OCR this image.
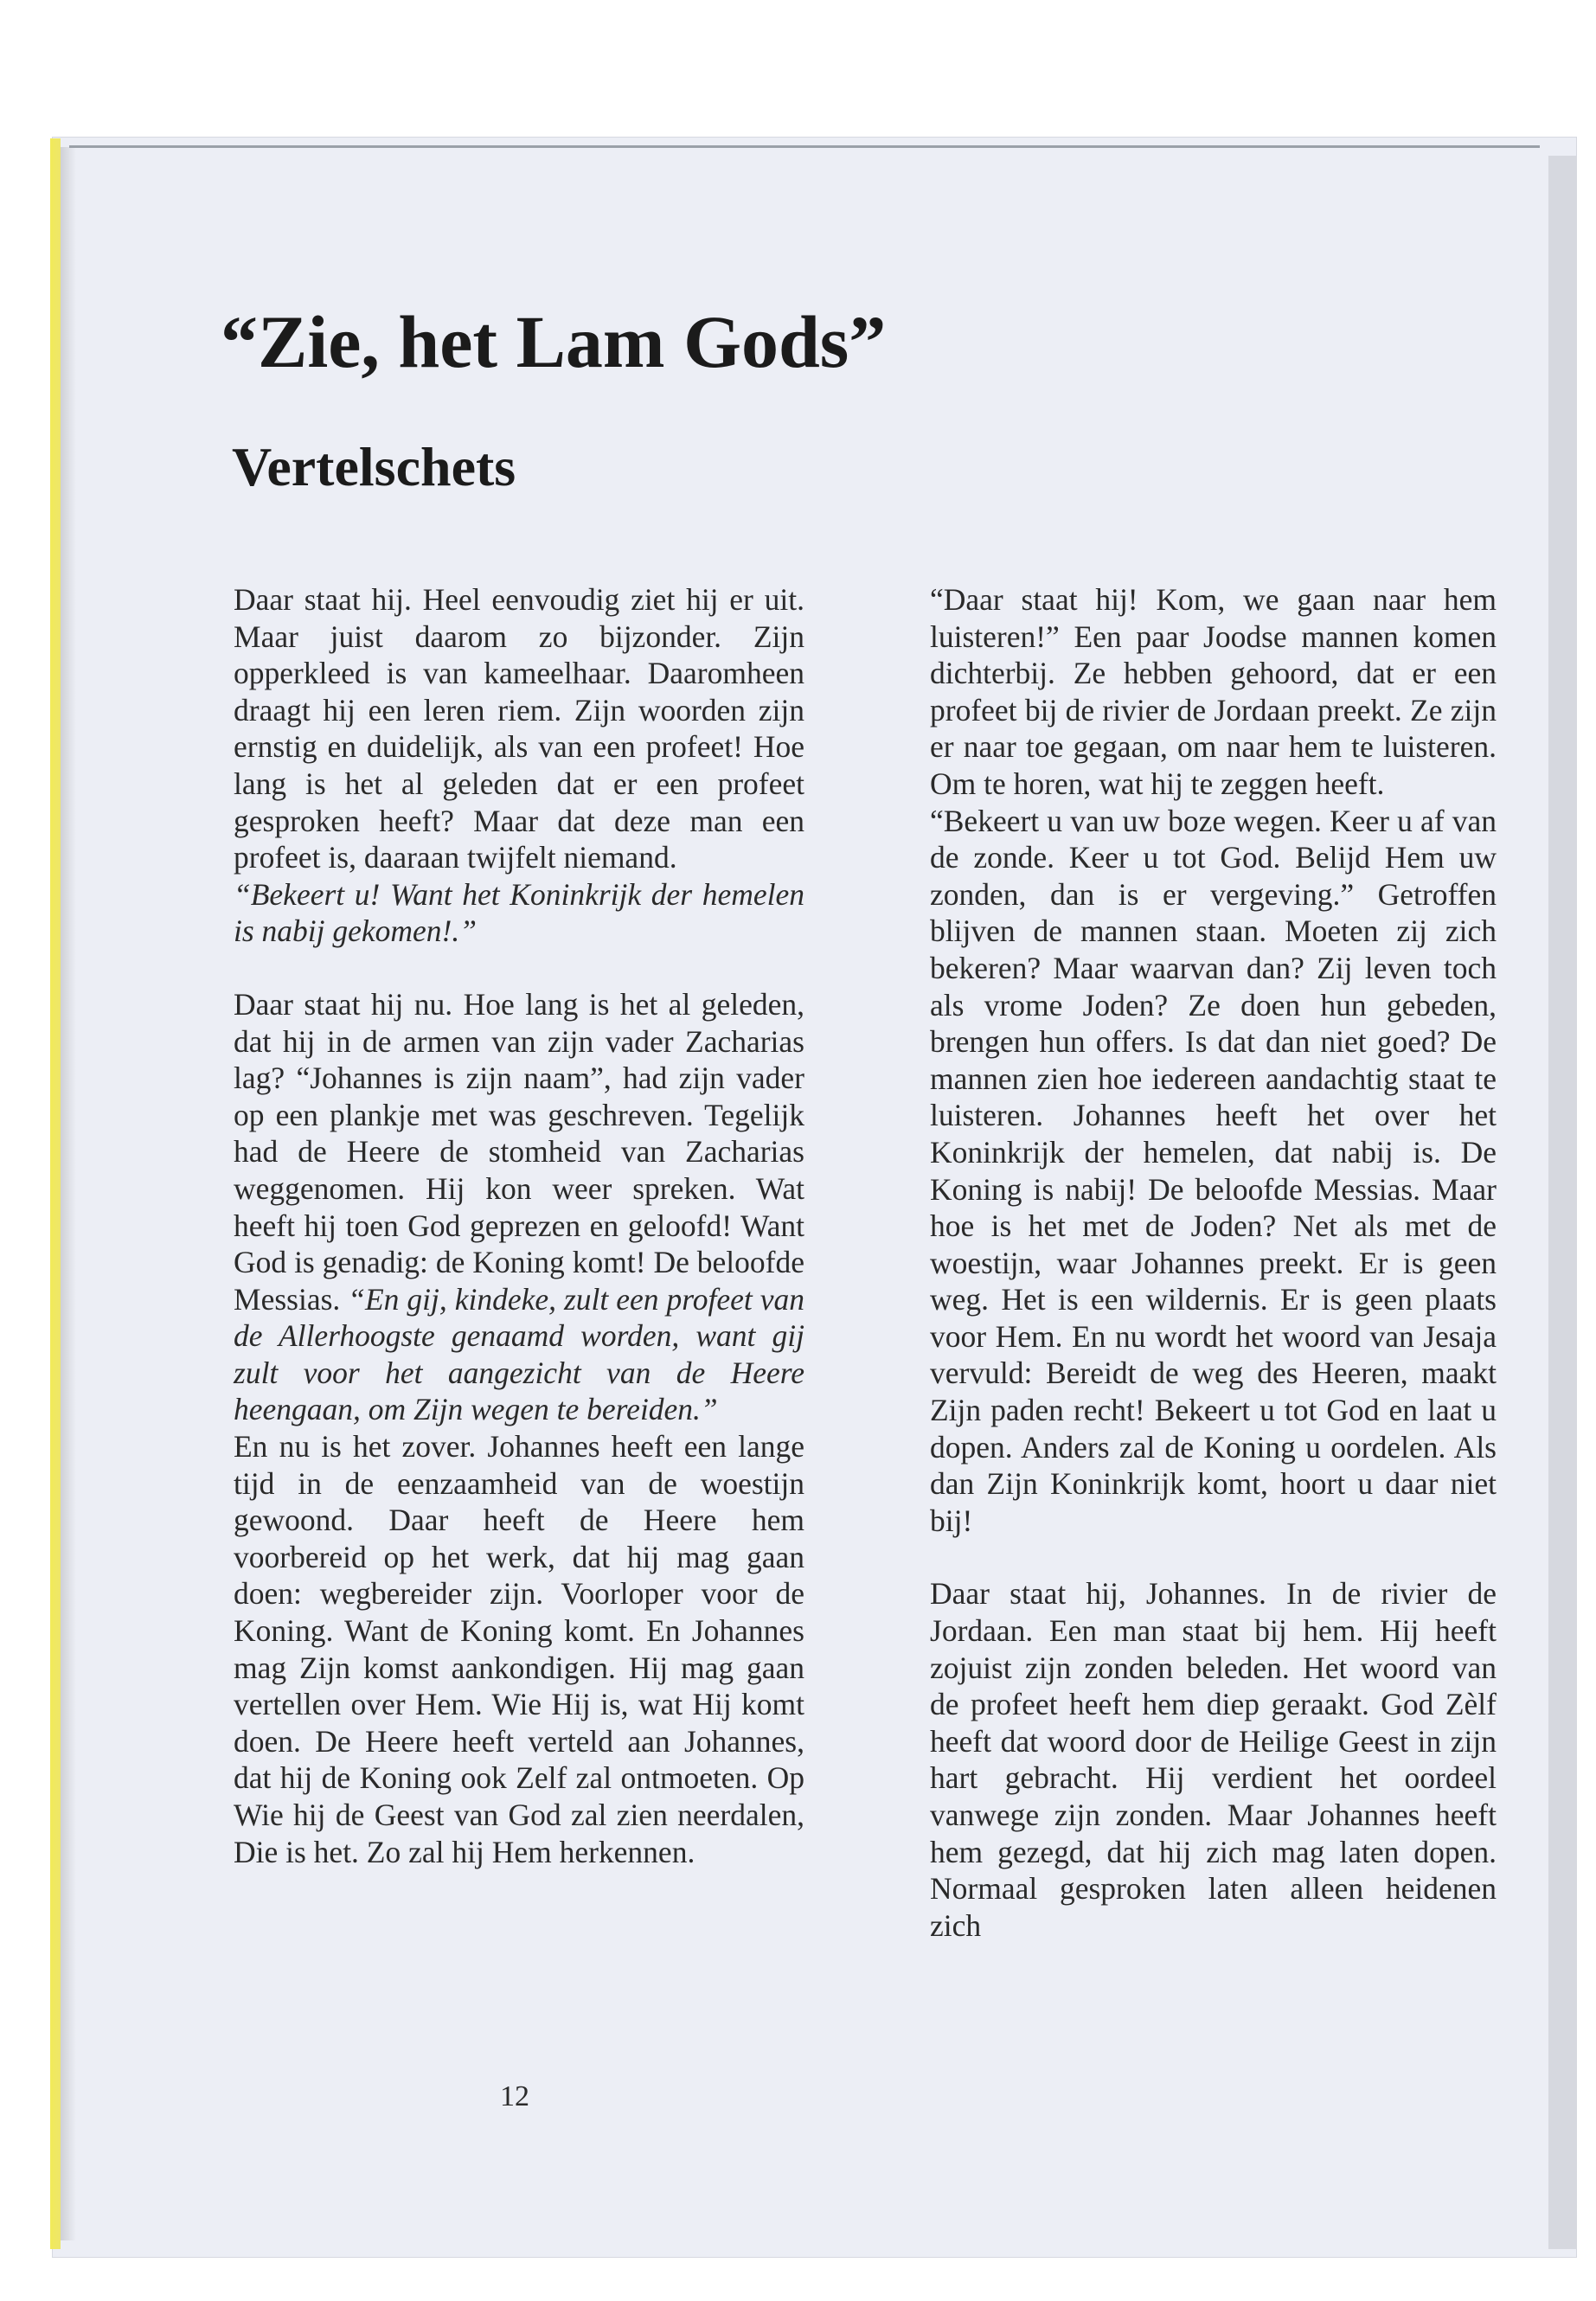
“Zie, het Lam Gods”
Vertelschets

Daar staat hij. Heel eenvoudig ziet hij er uit. Maar juist daarom zo bijzonder. Zijn opperkleed is van kameelhaar. Daaromheen draagt hij een leren riem. Zijn woorden zijn ernstig en duidelijk, als van een profeet! Hoe lang is het al geleden dat er een profeet gesproken heeft? Maar dat deze man een profeet is, daaraan twijfelt niemand.

“Bekeert u! Want het Koninkrijk der hemelen is nabij gekomen!.”

Daar staat hij nu. Hoe lang is het al geleden, dat hij in de armen van zijn vader Zacharias lag? “Johannes is zijn naam”, had zijn vader op een plankje met was geschreven. Tegelijk had de Heere de stomheid van Zacharias weggenomen. Hij kon weer spreken. Wat heeft hij toen God geprezen en geloofd! Want God is genadig: de Koning komt! De beloofde Messias. “En gij, kindeke, zult een profeet van de Allerhoogste genaamd worden, want gij zult voor het aangezicht van de Heere heengaan, om Zijn wegen te bereiden.”

En nu is het zover. Johannes heeft een lange tijd in de eenzaamheid van de woestijn gewoond. Daar heeft de Heere hem voorbereid op het werk, dat hij mag gaan doen: wegbereider zijn. Voorloper voor de Koning. Want de Koning komt. En Johannes mag Zijn komst aankondigen. Hij mag gaan vertellen over Hem. Wie Hij is, wat Hij komt doen. De Heere heeft verteld aan Johannes, dat hij de Koning ook Zelf zal ontmoeten. Op Wie hij de Geest van God zal zien neerdalen, Die is het. Zo zal hij Hem herkennen.

“Daar staat hij! Kom, we gaan naar hem luisteren!” Een paar Joodse mannen komen dichterbij. Ze hebben gehoord, dat er een profeet bij de rivier de Jordaan preekt. Ze zijn er naar toe gegaan, om naar hem te luisteren. Om te horen, wat hij te zeggen heeft.

“Bekeert u van uw boze wegen. Keer u af van de zonde. Keer u tot God. Belijd Hem uw zonden, dan is er vergeving.” Getroffen blijven de mannen staan. Moeten zij zich bekeren? Maar waarvan dan? Zij leven toch als vrome Joden? Ze doen hun gebeden, brengen hun offers. Is dat dan niet goed? De mannen zien hoe iedereen aandachtig staat te luisteren. Johannes heeft het over het Koninkrijk der hemelen, dat nabij is. De Koning is nabij! De beloofde Messias. Maar hoe is het met de Joden? Net als met de woestijn, waar Johannes preekt. Er is geen weg. Het is een wildernis. Er is geen plaats voor Hem. En nu wordt het woord van Jesaja vervuld: Bereidt de weg des Heeren, maakt Zijn paden recht! Bekeert u tot God en laat u dopen. Anders zal de Koning u oordelen. Als dan Zijn Koninkrijk komt, hoort u daar niet bij!

Daar staat hij, Johannes. In de rivier de Jordaan. Een man staat bij hem. Hij heeft zojuist zijn zonden beleden. Het woord van de profeet heeft hem diep geraakt. God Zèlf heeft dat woord door de Heilige Geest in zijn hart gebracht. Hij verdient het oordeel vanwege zijn zonden. Maar Johannes heeft hem gezegd, dat hij zich mag laten dopen. Normaal gesproken laten alleen heidenen zich

12
